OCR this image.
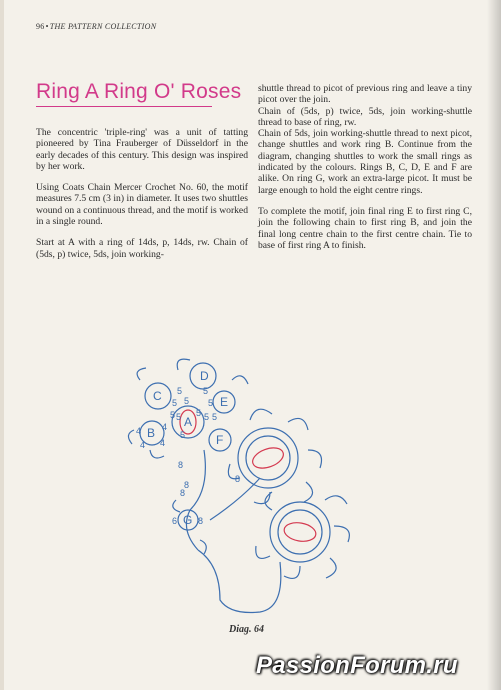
96•THE PATTERN COLLECTION
Ring A Ring O' Roses

The concentric 'triple-ring' was a unit of tatting pioneered by Tina Frauberger of Düsseldorf in the early decades of this century. This design was inspired by her work.

Using Coats Chain Mercer Crochet No. 60, the motif measures 7.5 cm (3 in) in diameter. It uses two shuttles wound on a continuous thread, and the motif is worked in a single round.

Start at A with a ring of 14ds, p, 14ds, rw. Chain of (5ds, p) twice, 5ds, join working-

shuttle thread to picot of previous ring and leave a tiny picot over the join.

Chain of (5ds, p) twice, 5ds, join working-shuttle thread to base of ring, rw.

Chain of 5ds, join working-shuttle thread to next picot, change shuttles and work ring B. Continue from the diagram, changing shuttles to work the small rings as indicated by the colours. Rings B, C, D, E and F are alike. On ring G, work an extra-large picot. It must be large enough to hold the eight centre rings.

To complete the motif, join final ring E to first ring C, join the following chain to first ring B, and join the final long centre chain to the first centre chain. Tie to base of first ring A to finish.

D
C
A
B
E
F
G
5 5
5 5 5
5	5 5
5 5
5
4 4
4 4
8
8
8
8
8
6
Diag. 64
PassionForum.ru
